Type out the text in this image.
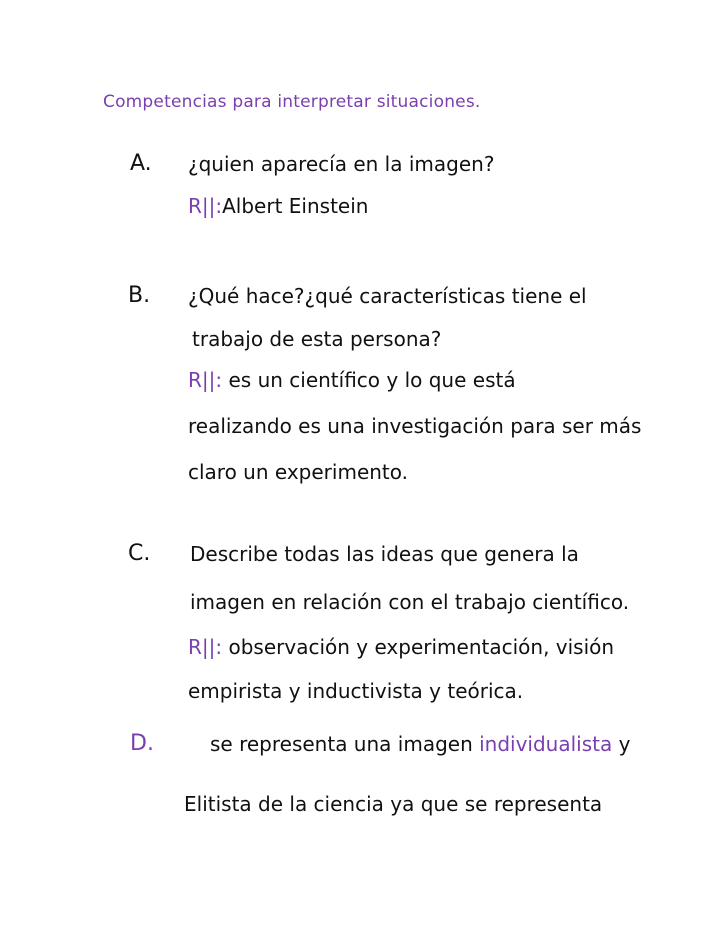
Competencias para interpretar situaciones.
A. ¿quien aparecía en la imagen?
R||:Albert Einstein
B. ¿Qué hace?¿qué características tiene el
trabajo de esta persona?
R||: es un científico y lo que está
realizando es una investigación para ser más
claro un experimento.
C. Describe todas las ideas que genera la
imagen en relación con el trabajo científico.
R||: observación y experimentación, visión
empirista y inductivista y teórica.
D.	se representa una imagen individualista y
Elitista de la ciencia ya que se representa
